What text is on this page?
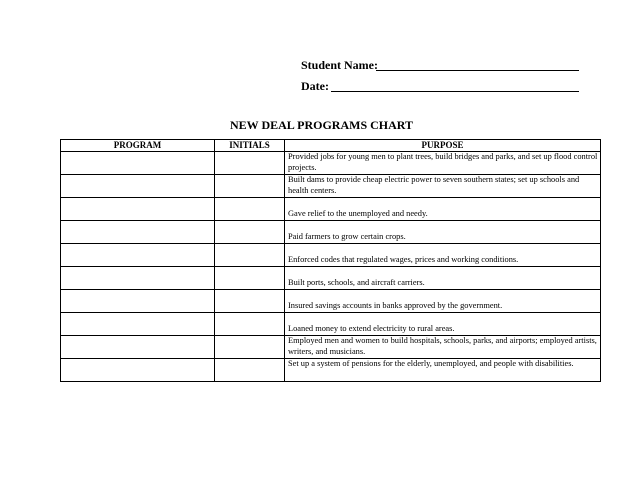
Student Name:
Date:
NEW DEAL PROGRAMS CHART
PROGRAM	INITIALS	PURPOSE
		Provided jobs for young men to plant trees, build bridges and parks, and set up flood control projects.
		Built dams to provide cheap electric power to seven southern states; set up schools and health centers.
		Gave relief to the unemployed and needy.
		Paid farmers to grow certain crops.
		Enforced codes that regulated wages, prices and working conditions.
		Built ports, schools, and aircraft carriers.
		Insured savings accounts in banks approved by the government.
		Loaned money to extend electricity to rural areas.
		Employed men and women to build hospitals, schools, parks, and airports; employed artists, writers, and musicians.
		Set up a system of pensions for the elderly, unemployed, and people with disabilities.
